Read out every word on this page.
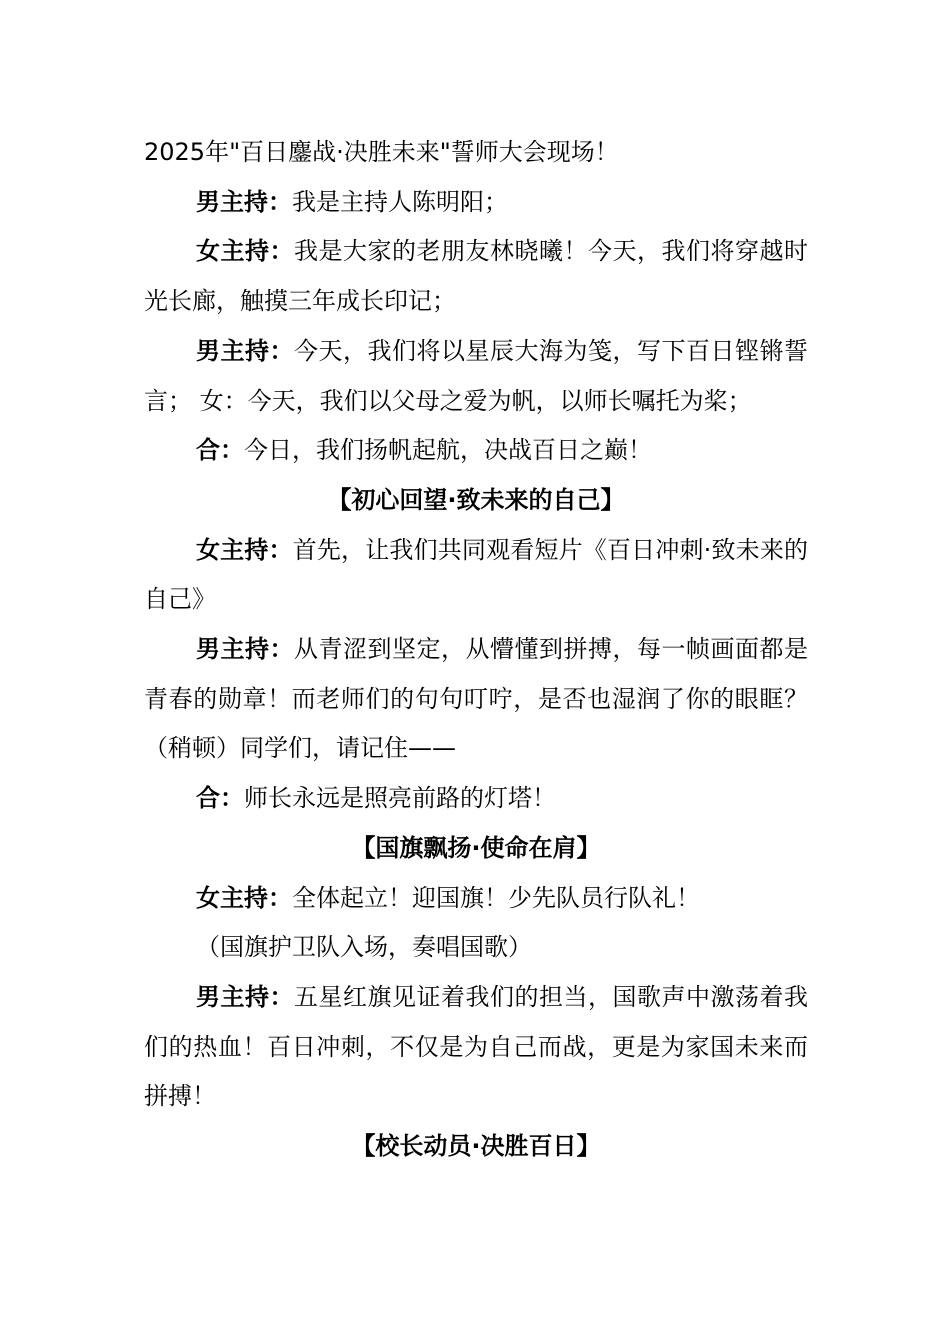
2025年"百日鏖战·决胜未来"誓师大会现场！

男主持：我是主持人陈明阳；

女主持：我是大家的老朋友林晓曦！今天，我们将穿越时光长廊，触摸三年成长印记；

男主持：今天，我们将以星辰大海为笺，写下百日铿锵誓言； 女：今天，我们以父母之爱为帆，以师长嘱托为桨；

合：今日，我们扬帆起航，决战百日之巅！

【初心回望·致未来的自己】

女主持：首先，让我们共同观看短片《百日冲刺·致未来的自己》

男主持：从青涩到坚定，从懵懂到拼搏，每一帧画面都是青春的勋章！而老师们的句句叮咛，是否也湿润了你的眼眶？（稍顿）同学们，请记住——

合：师长永远是照亮前路的灯塔！

【国旗飘扬·使命在肩】

女主持：全体起立！迎国旗！少先队员行队礼！

（国旗护卫队入场，奏唱国歌）

男主持：五星红旗见证着我们的担当，国歌声中激荡着我们的热血！百日冲刺，不仅是为自己而战，更是为家国未来而拼搏！

【校长动员·决胜百日】
